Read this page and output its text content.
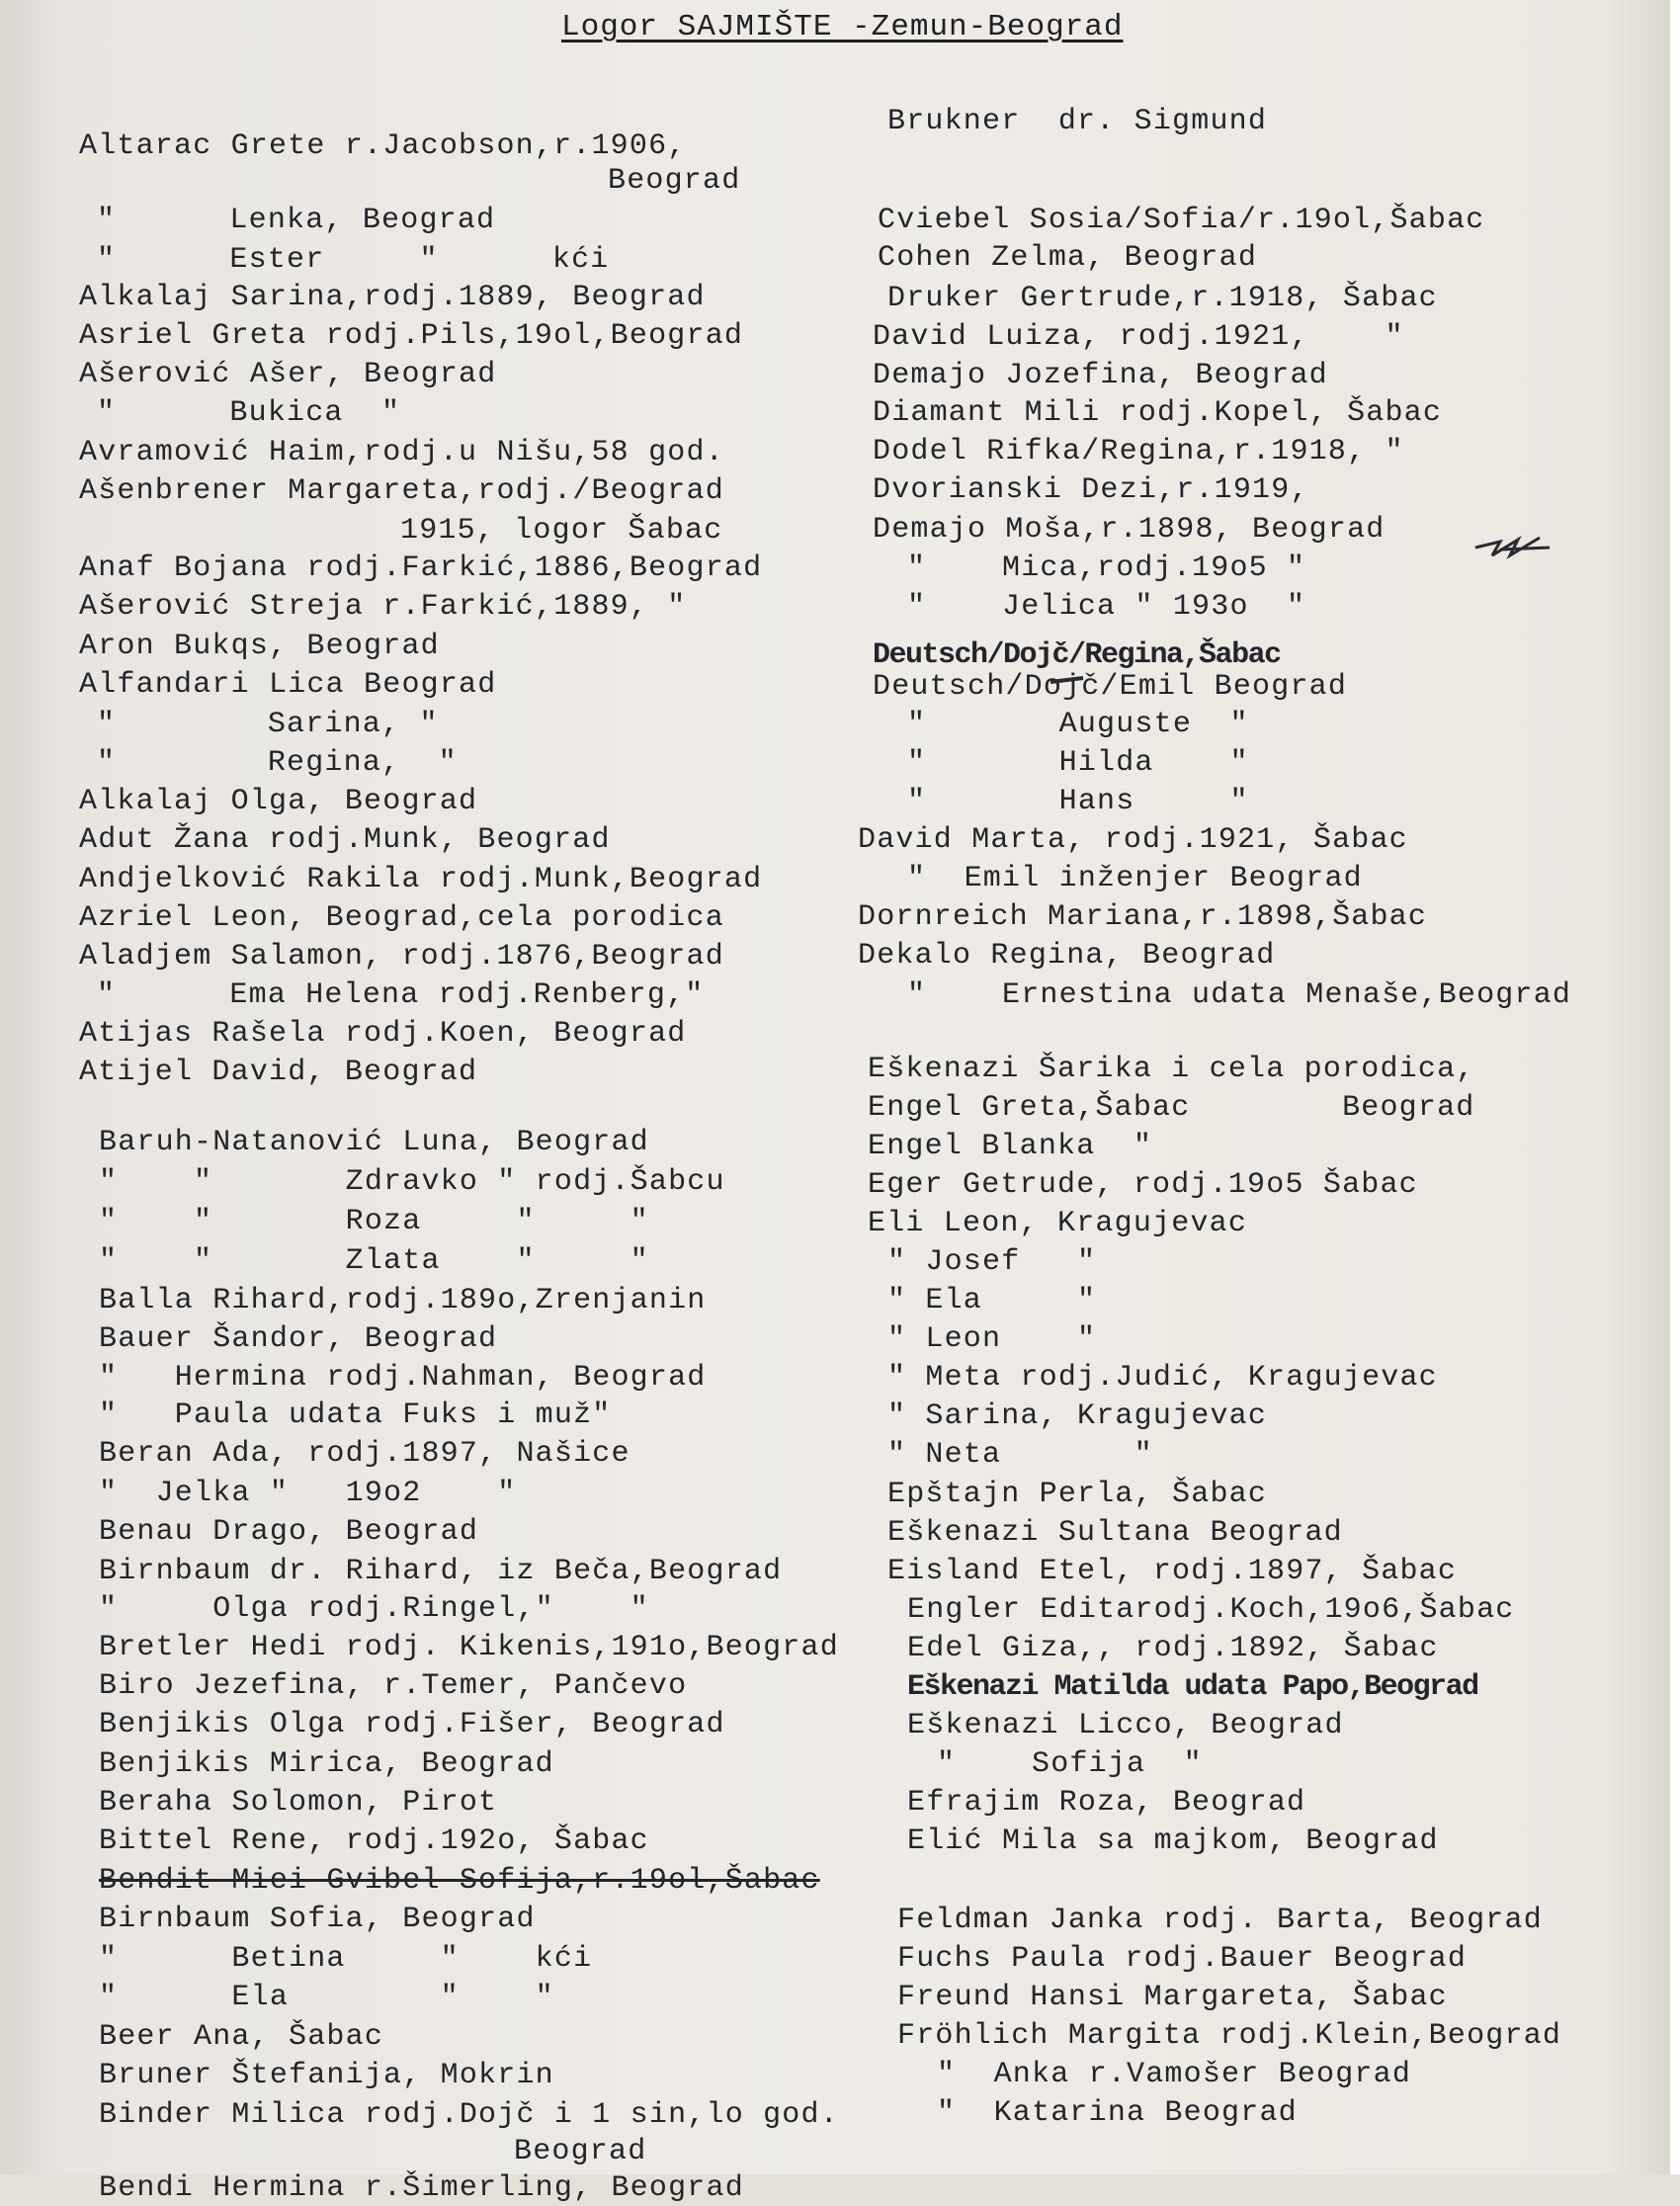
Logor SAJMIŠTE -Zemun-Beograd
Altarac Grete r.Jacobson,r.1906,
Beograd
"      Lenka, Beograd
"      Ester     "      kći
Alkalaj Sarina,rodj.1889, Beograd
Asriel Greta rodj.Pils,19ol,Beograd
Ašerović Ašer, Beograd
"      Bukica  "
Avramović Haim,rodj.u Nišu,58 god.
Ašenbrener Margareta,rodj./Beograd
1915, logor Šabac
Anaf Bojana rodj.Farkić,1886,Beograd
Ašerović Streja r.Farkić,1889, "
Aron Bukqs, Beograd
Alfandari Lica Beograd
"        Sarina, "
"        Regina,  "
Alkalaj Olga, Beograd
Adut Žana rodj.Munk, Beograd
Andjelković Rakila rodj.Munk,Beograd
Azriel Leon, Beograd,cela porodica
Aladjem Salamon, rodj.1876,Beograd
"      Ema Helena rodj.Renberg,"
Atijas Rašela rodj.Koen, Beograd
Atijel David, Beograd
Baruh-Natanović Luna, Beograd
"    "       Zdravko " rodj.Šabcu
"    "       Roza     "     "
"    "       Zlata    "     "
Balla Rihard,rodj.189o,Zrenjanin
Bauer Šandor, Beograd
"   Hermina rodj.Nahman, Beograd
"   Paula udata Fuks i muž"
Beran Ada, rodj.1897, Našice
"  Jelka "   19o2    "
Benau Drago, Beograd
Birnbaum dr. Rihard, iz Beča,Beograd
"     Olga rodj.Ringel,"    "
Bretler Hedi rodj. Kikenis,191o,Beograd
Biro Jezefina, r.Temer, Pančevo
Benjikis Olga rodj.Fišer, Beograd
Benjikis Mirica, Beograd
Beraha Solomon, Pirot
Bittel Rene, rodj.192o, Šabac
Bendit-Miei Gvibel-Sofija,r.19ol,Šabac
Birnbaum Sofia, Beograd
"      Betina     "    kći
"      Ela        "    "
Beer Ana, Šabac
Bruner Štefanija, Mokrin
Binder Milica rodj.Dojč i 1 sin,lo god.
Beograd
Bendi Hermina r.Šimerling, Beograd
Brukner  dr. Sigmund
Cviebel Sosia/Sofia/r.19ol,Šabac
Cohen Zelma, Beograd
Druker Gertrude,r.1918, Šabac
David Luiza, rodj.1921,    "
Demajo Jozefina, Beograd
Diamant Mili rodj.Kopel, Šabac
Dodel Rifka/Regina,r.1918, "
Dvorianski Dezi,r.1919,
Demajo Moša,r.1898, Beograd
"    Mica,rodj.19o5 "
"    Jelica " 193o  "
Deutsch/Dojč/Regina,Šabac
Deutsch/Dojč/Emil Beograd
"       Auguste  "
"       Hilda    "
"       Hans     "
David Marta, rodj.1921, Šabac
"  Emil inženjer Beograd
Dornreich Mariana,r.1898,Šabac
Dekalo Regina, Beograd
"    Ernestina udata Menaše,Beograd
Eškenazi Šarika i cela porodica,
Engel Greta,Šabac        Beograd
Engel Blanka  "
Eger Getrude, rodj.19o5 Šabac
Eli Leon, Kragujevac
" Josef   "
" Ela     "
" Leon    "
" Meta rodj.Judić, Kragujevac
" Sarina, Kragujevac
" Neta       "
Epštajn Perla, Šabac
Eškenazi Sultana Beograd
Eisland Etel, rodj.1897, Šabac
Engler Editarodj.Koch,19o6,Šabac
Edel Giza,, rodj.1892, Šabac
Eškenazi Matilda udata Papo,Beograd
Eškenazi Licco, Beograd
"    Sofija  "
Efrajim Roza, Beograd
Elić Mila sa majkom, Beograd
Feldman Janka rodj. Barta, Beograd
Fuchs Paula rodj.Bauer Beograd
Freund Hansi Margareta, Šabac
Fröhlich Margita rodj.Klein,Beograd
"  Anka r.Vamošer Beograd
"  Katarina Beograd
